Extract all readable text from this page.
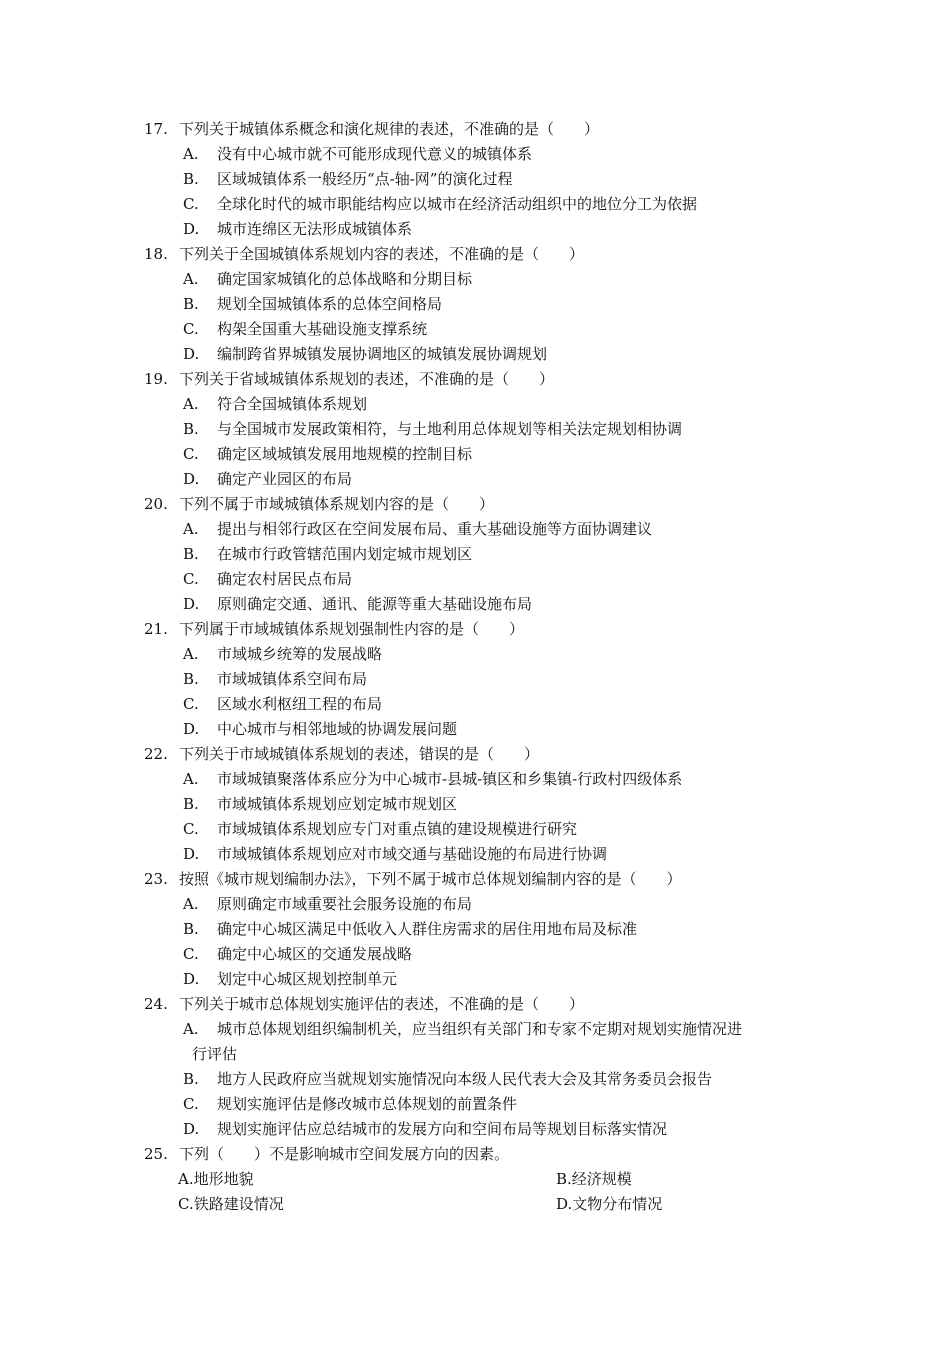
17. 下列关于城镇体系概念和演化规律的表述，不准确的是（　　）
A. 没有中心城市就不可能形成现代意义的城镇体系
B. 区域城镇体系一般经历“点-轴-网”的演化过程
C. 全球化时代的城市职能结构应以城市在经济活动组织中的地位分工为依据
D. 城市连绵区无法形成城镇体系
18. 下列关于全国城镇体系规划内容的表述，不准确的是（　　）
A. 确定国家城镇化的总体战略和分期目标
B. 规划全国城镇体系的总体空间格局
C. 构架全国重大基础设施支撑系统
D. 编制跨省界城镇发展协调地区的城镇发展协调规划
19. 下列关于省域城镇体系规划的表述，不准确的是（　　）
A. 符合全国城镇体系规划
B. 与全国城市发展政策相符，与土地利用总体规划等相关法定规划相协调
C. 确定区域城镇发展用地规模的控制目标
D. 确定产业园区的布局
20. 下列不属于市域城镇体系规划内容的是（　　）
A. 提出与相邻行政区在空间发展布局、重大基础设施等方面协调建议
B. 在城市行政管辖范围内划定城市规划区
C. 确定农村居民点布局
D. 原则确定交通、通讯、能源等重大基础设施布局
21. 下列属于市域城镇体系规划强制性内容的是（　　）
A. 市域城乡统筹的发展战略
B. 市域城镇体系空间布局
C. 区域水利枢纽工程的布局
D. 中心城市与相邻地域的协调发展问题
22. 下列关于市域城镇体系规划的表述，错误的是（　　）
A. 市域城镇聚落体系应分为中心城市-县城-镇区和乡集镇-行政村四级体系
B. 市域城镇体系规划应划定城市规划区
C. 市域城镇体系规划应专门对重点镇的建设规模进行研究
D. 市域城镇体系规划应对市域交通与基础设施的布局进行协调
23. 按照《城市规划编制办法》，下列不属于城市总体规划编制内容的是（　　）
A. 原则确定市域重要社会服务设施的布局
B. 确定中心城区满足中低收入人群住房需求的居住用地布局及标准
C. 确定中心城区的交通发展战略
D. 划定中心城区规划控制单元
24. 下列关于城市总体规划实施评估的表述，不准确的是（　　）
A. 城市总体规划组织编制机关，应当组织有关部门和专家不定期对规划实施情况进
行评估
B. 地方人民政府应当就规划实施情况向本级人民代表大会及其常务委员会报告
C. 规划实施评估是修改城市总体规划的前置条件
D. 规划实施评估应总结城市的发展方向和空间布局等规划目标落实情况
25. 下列（　　）不是影响城市空间发展方向的因素。
A.地形地貌	B.经济规模
C.铁路建设情况	D.文物分布情况
